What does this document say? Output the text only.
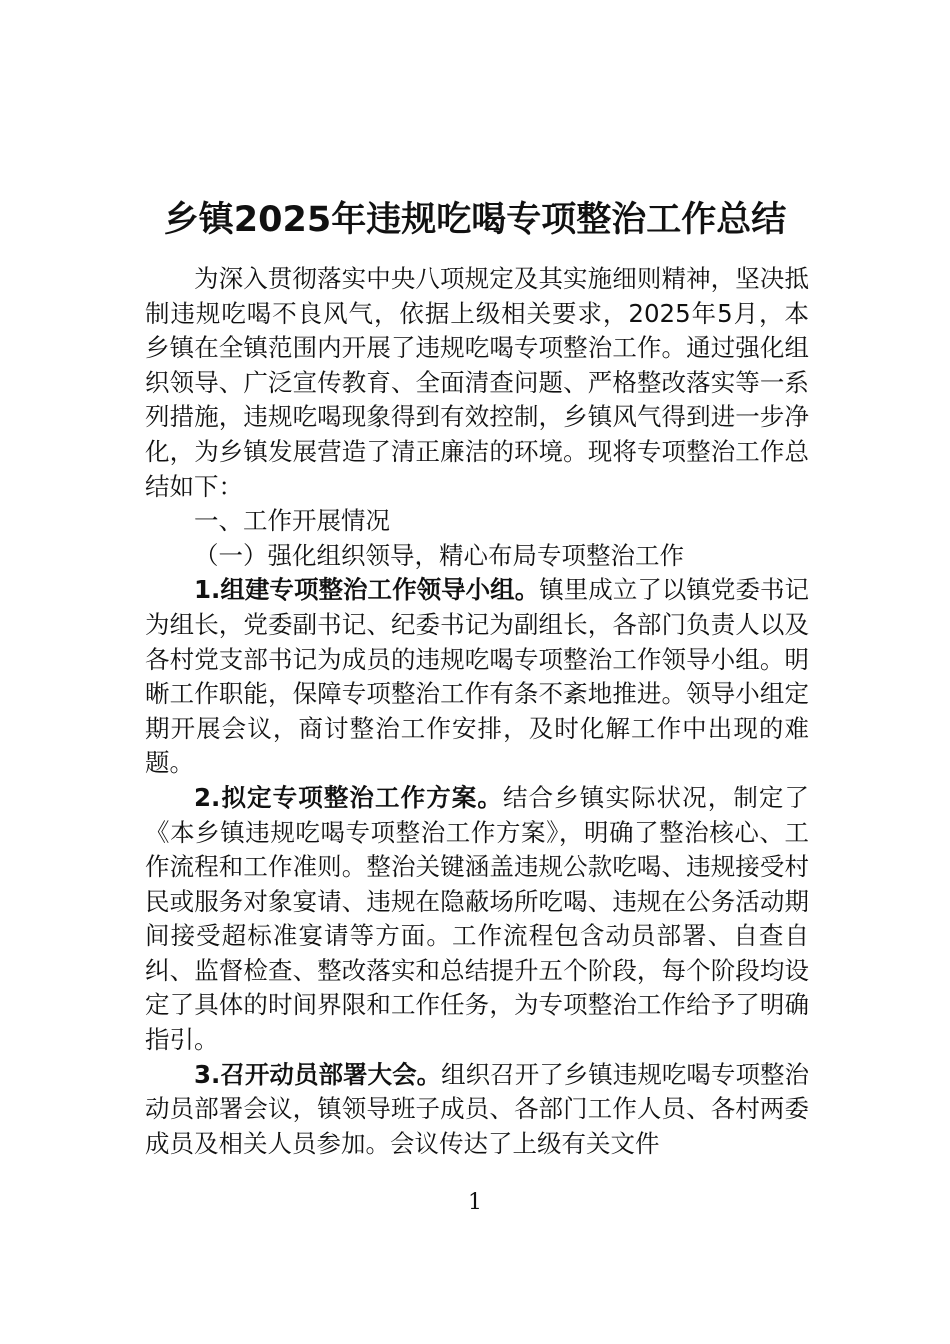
乡镇2025年违规吃喝专项整治工作总结

为深入贯彻落实中央八项规定及其实施细则精神，坚决抵制违规吃喝不良风气，依据上级相关要求，2025年5月，本乡镇在全镇范围内开展了违规吃喝专项整治工作。通过强化组织领导、广泛宣传教育、全面清查问题、严格整改落实等一系列措施，违规吃喝现象得到有效控制，乡镇风气得到进一步净化，为乡镇发展营造了清正廉洁的环境。现将专项整治工作总结如下：

一、工作开展情况

（一）强化组织领导，精心布局专项整治工作

1.组建专项整治工作领导小组。镇里成立了以镇党委书记为组长，党委副书记、纪委书记为副组长，各部门负责人以及各村党支部书记为成员的违规吃喝专项整治工作领导小组。明晰工作职能，保障专项整治工作有条不紊地推进。领导小组定期开展会议，商讨整治工作安排，及时化解工作中出现的难题。

2.拟定专项整治工作方案。结合乡镇实际状况，制定了《本乡镇违规吃喝专项整治工作方案》，明确了整治核心、工作流程和工作准则。整治关键涵盖违规公款吃喝、违规接受村民或服务对象宴请、违规在隐蔽场所吃喝、违规在公务活动期间接受超标准宴请等方面。工作流程包含动员部署、自查自纠、监督检查、整改落实和总结提升五个阶段，每个阶段均设定了具体的时间界限和工作任务，为专项整治工作给予了明确指引。

3.召开动员部署大会。组织召开了乡镇违规吃喝专项整治动员部署会议，镇领导班子成员、各部门工作人员、各村两委成员及相关人员参加。会议传达了上级有关文件

1
